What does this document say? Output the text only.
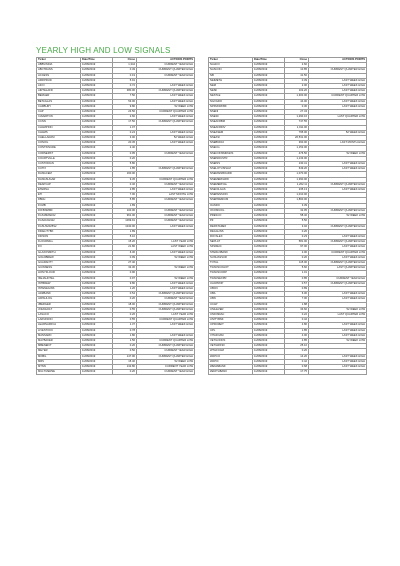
YEARLY HIGH AND LOW SIGNALS
Ticker	Date/Time	Close	ACTIONS POINTS
ABBVINDIA	11/08/2019	1,344	CURRENT YEAR HIGH
ABCTRANS	11/08/2019	0.49	CURRENT QUARTER HIGH
ACCESS	11/08/2019	0.19	CURRENT YEAR HIGH
AFRIPRUD	11/08/2019	5.91	
AICO	11/08/2019	0.72	LAST WEEK HIGH
AIRTELAFR	11/08/2019	380.00	CURRENT QUARTER HIGH
BERGER	11/08/2019	7.50	LAST WEEK HIGH
BETAGLAS	11/08/2019	53.00	LAST WEEK HIGH
CADBURY	11/08/2019	9.80	52 WEEK LOW
CAP	11/08/2019	24.50	CURRENT QUARTER LOW
CAVERTON	11/08/2019	2.60	LAST WEEK HIGH
CCNN	11/08/2019	17.50	CURRENT QUARTER HIGH
CHAMPION	11/08/2019	1.07	
CHAMS	11/08/2019	0.24	LAST WEEK HIGH
CHELLARAM	11/08/2019	3.00	52 WEEK HIGH
CONOIL	11/08/2019	20.45	LAST WEEK HIGH
CONTINSURE	11/08/2019	2.40	
CORNERST	11/08/2019	0.95	CURRENT YEAR HIGH
COURTVILLE	11/08/2019	0.20	
CUSTODIAN	11/08/2019	5.80	
CUTIX	11/08/2019	1.85	CURRENT QUARTER HIGH
DANGCEM	11/08/2019	160.00	
DANGSUGAR	11/08/2019	9.45	CURRENT QUARTER LOW
DEAPCAP	11/08/2019	0.46	CURRENT YEAR HIGH
ETERNA	11/08/2019	2.85	LAST WEEK HIGH
ETI	11/08/2019	7.00	LAST MONTH LOW
FBNH	11/08/2019	5.85	CURRENT YEAR HIGH
FCMB	11/08/2019	1.89	
FFFBNMMF	11/08/2019	100.00	CURRENT YEAR HIGH
FGS18MAR22	11/08/2019	961.00	CURRENT YEAR HIGH
FGS20JAN22	11/08/2019	1099.91	CURRENT YEAR HIGH
FGSUS2025S2	11/08/2019	1040.00	LAST WEEK HIGH
FIDELITYBK	11/08/2019	1.89	
FIDSON	11/08/2019	5.10	
FLOURMILL	11/08/2019	15.20	LAST YEAR LOW
FO	11/08/2019	21.80	LAST WEEK LOW
GLAXOSMITH	11/08/2019	6.30	LAST WEEK HIGH
GOLDBREW	11/08/2019	0.99	52 WEEK LOW
GUARANTY	11/08/2019	27.40	
GUINNESS	11/08/2019	32.30	52 WEEK LOW
HONYFLOUR	11/08/2019	0.90	
IKEJAHOTEL	11/08/2019	0.97	52 WEEK LOW
INTBREW	11/08/2019	9.80	LAST WEEK HIGH
INTENEGINS	11/08/2019	1.20	LAST WEEK HIGH
JAIZBANK	11/08/2019	0.54	CURRENT QUARTER HIGH
JAPAULOIL	11/08/2019	0.20	CURRENT YEAR HIGH
JBERGER	11/08/2019	18.00	CURRENT QUARTER HIGH
JOHNHOLT	11/08/2019	0.55	CURRENT QUARTER HIGH
LASACO	11/08/2019	0.26	LAST YEAR LOW
LAWUNION	11/08/2019	0.55	CURRENT QUARTER LOW
LEARNAFRCA	11/08/2019	1.37	LAST WEEK HIGH
LIVESTOCK	11/08/2019	0.78	
MANSARD	11/08/2019	1.80	LAST WEEK HIGH
MAYBAKER	11/08/2019	1.56	CURRENT QUARTER LOW
MBENEFIT	11/08/2019	0.20	CURRENT QUARTER HIGH
MEYER	11/08/2019	0.50	CURRENT YEAR HIGH
MOBIL	11/08/2019	147.90	CURRENT QUARTER HIGH
MRS	11/08/2019	15.40	52 WEEK LOW
MTNN	11/08/2019	132.80	CURRENT YEAR LOW
MULTIVERSE	11/08/2019	0.20	CURRENT YEAR HIGH
Ticker	Date/Time	Close	ACTIONS POINTS
NAHCO	11/08/2019	2.60	
NASCON	11/08/2019	10.85	CURRENT QUARTER HIGH
NB	11/08/2019	41.50	
NEIMETH	11/08/2019	0.39	LAST WEEK HIGH
NEM	11/08/2019	2.00	LAST WEEK HIGH
NESF	11/08/2019	102.20	LAST WEEK HIGH
NESTLE	11/08/2019	1,300.00	CURRENT QUARTER LOW
NGXGRO	11/08/2019	44.00	LAST WEEK HIGH
NPFMCRFBK	11/08/2019	0.30	LAST WEEK HIGH
NSENI	11/08/2019	27.43	
NSE30	11/08/2019	1,290.16	LAST QUARTER LOW
NSEAFRBM	11/08/2019	747.55	
NSEAFRDIV	11/08/2019	1,011.00	
NSEASEM	11/08/2019	795.00	52 WEEK HIGH
NSEASI	11/08/2019	26,531.00	
NSEBNK10	11/08/2019	360.00	LAST MONTH HIGH
NSECG	11/08/2019	1,152.00	
NSECONSMRGDS	11/08/2019	476.50	52 WEEK LOW
NSEINDUSTR	11/08/2019	1,133.00	
NSEINS	11/08/2019	130.41	LAST WEEK HIGH
NSELOTUSISLM	11/08/2019	649.20	LAST WEEK HIGH
NSEMAINBOARD	11/08/2019	1,070.00	
NSEMERIGRW	11/08/2019	1,390.00	
NSEMERIVAL	11/08/2019	1,262.11	CURRENT QUARTER HIGH
NSEOILGAS	11/08/2019	235.13	LAST WEEK HIGH
NSEPENSION	11/08/2019	1,010.00	
NSEPREMIUM	11/08/2019	1,860.00	
OANDO	11/08/2019	3.39	
OKOMUOIL	11/08/2019	32.95	CURRENT QUARTER HIGH
PRESCO	11/08/2019	58.40	52 WEEK LOW
PZ	11/08/2019	5.50	
REDSTAREX	11/08/2019	3.02	CURRENT QUARTER HIGH
REGALINS	11/08/2019	0.20	
ROYALEX	11/08/2019	0.23	LAST WEEK HIGH
SEPLAT	11/08/2019	581.00	CURRENT QUARTER HIGH
SFSREIC	11/08/2019	97.00	LAST WEEK HIGH
STERLNBANK	11/08/2019	2.00	CURRENT QUARTER LOW
SUNUASSUR	11/08/2019	0.20	LAST WEEK HIGH
TOTAL	11/08/2019	115.00	CURRENT QUARTER HIGH
TRANSCOHOT	11/08/2019	5.60	LAST QUARTER HIGH
TRANSCORP	11/08/2019	1.01	
TRANSEXPR	11/08/2019	0.85	CURRENT YEAR HIGH
UACPROP	11/08/2019	0.57	CURRENT QUARTER HIGH
UBCN	11/08/2019	0.89	
UBA	11/08/2019	6.00	LAST WEEK HIGH
UBN	11/08/2019	7.00	LAST WEEK HIGH
UCAP	11/08/2019	1.88	
UNILEVER	11/08/2019	33.60	52 WEEK LOW
UNIONDAC	11/08/2019	0.22	LAST QUARTER LOW
UNITYBNK	11/08/2019	0.42	
UPDCREIT	11/08/2019	4.80	LAST WEEK HIGH
UPL	11/08/2019	1.85	LAST WEEK HIGH
VITAFOAM	11/08/2019	4.00	LAST WEEK HIGH
VETGOODS	11/08/2019	4.85	52 WEEK LOW
VETGRIF30	11/08/2019	25.10	
WTHFOAM	11/08/2019	0.20	
WAPCO	11/08/2019	14.20	LAST WEEK HIGH
WAPIC	11/08/2019	0.42	LAST WEEK HIGH
WEMABANK	11/08/2019	0.68	LAST WEEK HIGH
ZENITHBANK	11/08/2019	17.75	
